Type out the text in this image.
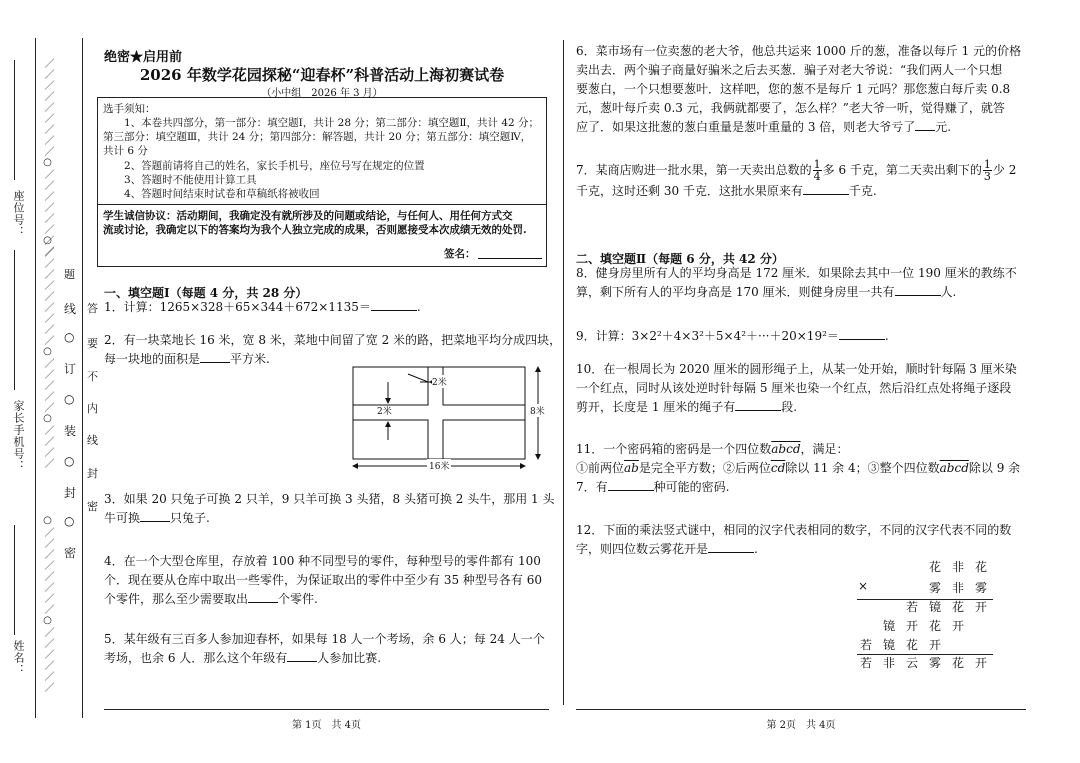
／／／／／／／／／○／／／／／／／／
○／／／／／／／／／○／／／／／○／／／／
○／／／／／／／／○／／／／／／
座位号：
家长手机号：
姓名：
线
○
订
○
装
○
封
○
密
题
答
要
不
内
线
封
密
绝密★启用前
2026 年数学花园探秘“迎春杯”科普活动上海初赛试卷
（小中组　2026 年 3 月）
选手须知：
1、本卷共四部分，第一部分：填空题Ⅰ，共计 28 分；第二部分：填空题Ⅱ，共计 42 分；
第三部分：填空题Ⅲ，共计 24 分；第四部分：解答题，共计 20 分；第五部分：填空题Ⅳ，
共计 6 分
2、答题前请将自己的姓名，家长手机号，座位号写在规定的位置
3、答题时不能使用计算工具
4、答题时间结束时试卷和草稿纸将被收回
学生诚信协议：活动期间，我确定没有就所涉及的问题或结论，与任何人、用任何方式交
流或讨论，我确定以下的答案均为我个人独立完成的成果，否则愿接受本次成绩无效的处罚.
签名：
一、填空题Ⅰ（每题 4 分，共 28 分）
1．计算：1265×328＋65×344＋672×1135＝	.
2．有一块菜地长 16 米，宽 8 米，菜地中间留了宽 2 米的路，把菜地平均分成四块，
每一块地的面积是	平方米.
2米
2米	8米
16米
3．如果 20 只兔子可换 2 只羊，9 只羊可换 3 头猪，8 头猪可换 2 头牛，那用 1 头
牛可换	只兔子.
4．在一个大型仓库里，存放着 100 种不同型号的零件，每种型号的零件都有 100
个．现在要从仓库中取出一些零件，为保证取出的零件中至少有 35 种型号各有 60
个零件，那么至少需要取出	个零件.
5．某年级有三百多人参加迎春杯，如果每 18 人一个考场，余 6 人；每 24 人一个
考场，也余 6 人．那么这个年级有	人参加比赛.
6．菜市场有一位卖葱的老大爷，他总共运来 1000 斤的葱，准备以每斤 1 元的价格
卖出去．两个骗子商量好骗米之后去买葱．骗子对老大爷说：“我们两人一个只想
要葱白，一个只想要葱叶．这样吧，您的葱不是每斤 1 元吗？那您葱白每斤卖 0.8
元，葱叶每斤卖 0.3 元，我俩就都要了，怎么样？”老大爷一听，觉得赚了，就答
应了．如果这批葱的葱白重量是葱叶重量的 3 倍，则老大爷亏了 元.
7．某商店购进一批水果，第一天卖出总数的 $\frac{1}{4}$ 多 6 千克，第二天卖出剩下的 $\frac{1}{3}$ 少 2
千克，这时还剩 30 千克．这批水果原来有	千克.
二、填空题Ⅱ（每题 6 分，共 42 分）
8．健身房里所有人的平均身高是 172 厘米．如果除去其中一位 190 厘米的教练不
算，剩下所有人的平均身高是 170 厘米．则健身房里一共有	人.
9．计算：3×2²＋4×3²＋5×4²＋···＋20×19²＝	.
10．在一根周长为 2020 厘米的圆形绳子上，从某一处开始，顺时针每隔 3 厘米染
一个红点，同时从该处逆时针每隔 5 厘米也染一个红点，然后沿红点处将绳子逐段
剪开，长度是 1 厘米的绳子有	段.
11．一个密码箱的密码是一个四位数abcd，满足：
①前两位$\overline{ab}$是完全平方数；②后两位$\overline{cd}$除以 11 余 4；③整个四位数abcd除以 9 余
7．有	种可能的密码.
12．下面的乘法竖式谜中，相同的汉字代表相同的数字，不同的汉字代表不同的数
字，则四位数云雾花开是	.
花 非 花
×	雾 非 雾
若 镜 花 开
镜 开 花 开
若 镜 花 开
若 非 云 雾 花 开
第 1页　共 4页	第 2页　共 4页
